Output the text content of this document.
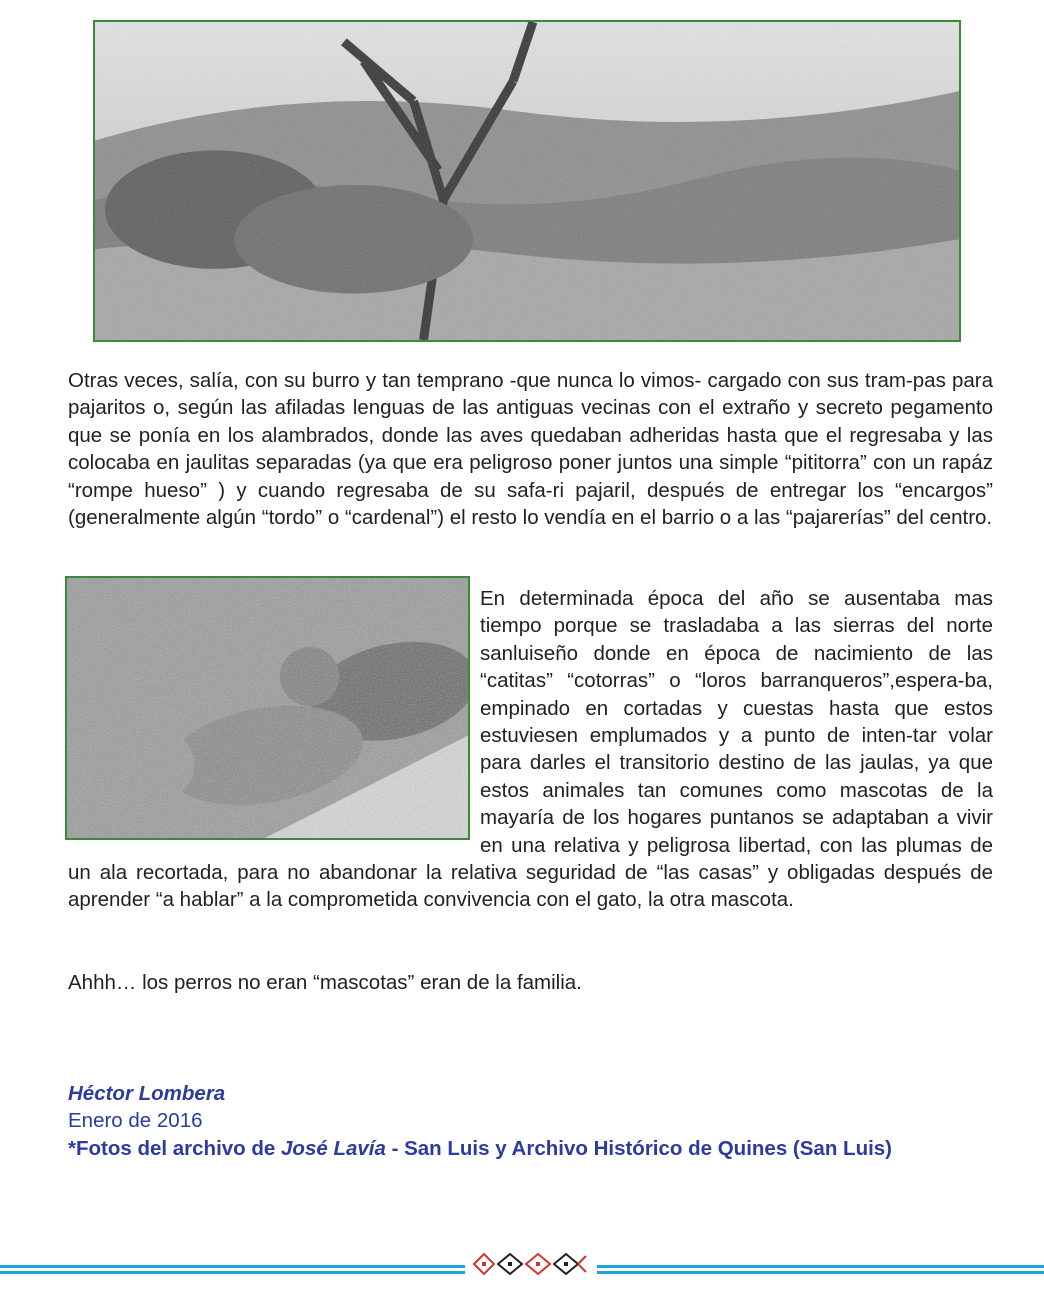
Otras veces, salía, con su burro y tan temprano -que nunca lo vimos- cargado con sus tram-pas para pajaritos o, según las afiladas lenguas de las antiguas vecinas con el extraño y secreto pegamento que se ponía en los alambrados, donde las aves quedaban adheridas hasta que el regresaba y las colocaba en jaulitas separadas (ya que era peligroso poner juntos una simple “pititorra” con un rapáz “rompe hueso” ) y cuando regresaba de su safa-ri pajaril, después de entregar los “encargos” (generalmente algún “tordo” o “cardenal”) el resto lo vendía en el barrio o a las “pajarerías” del centro.

En determinada época del año se ausentaba mas tiempo porque se trasladaba a las sierras del norte sanluiseño donde en época de nacimiento de las “catitas” “cotorras” o “loros barranqueros”,espera-ba, empinado en cortadas y cuestas hasta que estos estuviesen emplumados y a punto de inten-tar volar para darles el transitorio destino de las jaulas, ya que estos animales tan comunes como mascotas de la mayaría de los hogares puntanos se adaptaban a vivir en una relativa y peligrosa libertad, con las plumas de un ala recortada, para no abandonar la relativa seguridad de “las casas” y obligadas después de aprender “a hablar” a la comprometida convivencia con el gato, la otra mascota.

Ahhh… los perros no eran “mascotas” eran de la familia.

Héctor Lombera

Enero de 2016

*Fotos del archivo de José Lavía - San Luis y Archivo Histórico de Quines (San Luis)
